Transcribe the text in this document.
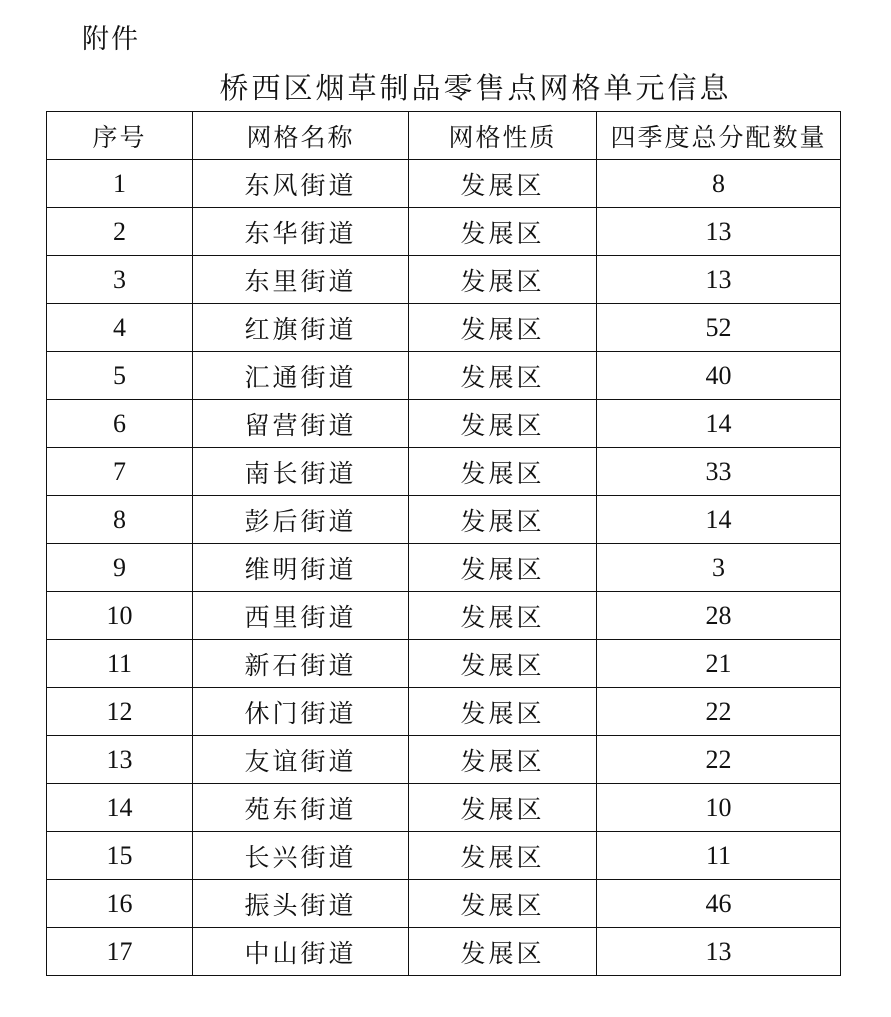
附件
桥西区烟草制品零售点网格单元信息
序号	网格名称	网格性质	四季度总分配数量
1	东风街道	发展区	8
2	东华街道	发展区	13
3	东里街道	发展区	13
4	红旗街道	发展区	52
5	汇通街道	发展区	40
6	留营街道	发展区	14
7	南长街道	发展区	33
8	彭后街道	发展区	14
9	维明街道	发展区	3
10	西里街道	发展区	28
11	新石街道	发展区	21
12	休门街道	发展区	22
13	友谊街道	发展区	22
14	苑东街道	发展区	10
15	长兴街道	发展区	11
16	振头街道	发展区	46
17	中山街道	发展区	13
